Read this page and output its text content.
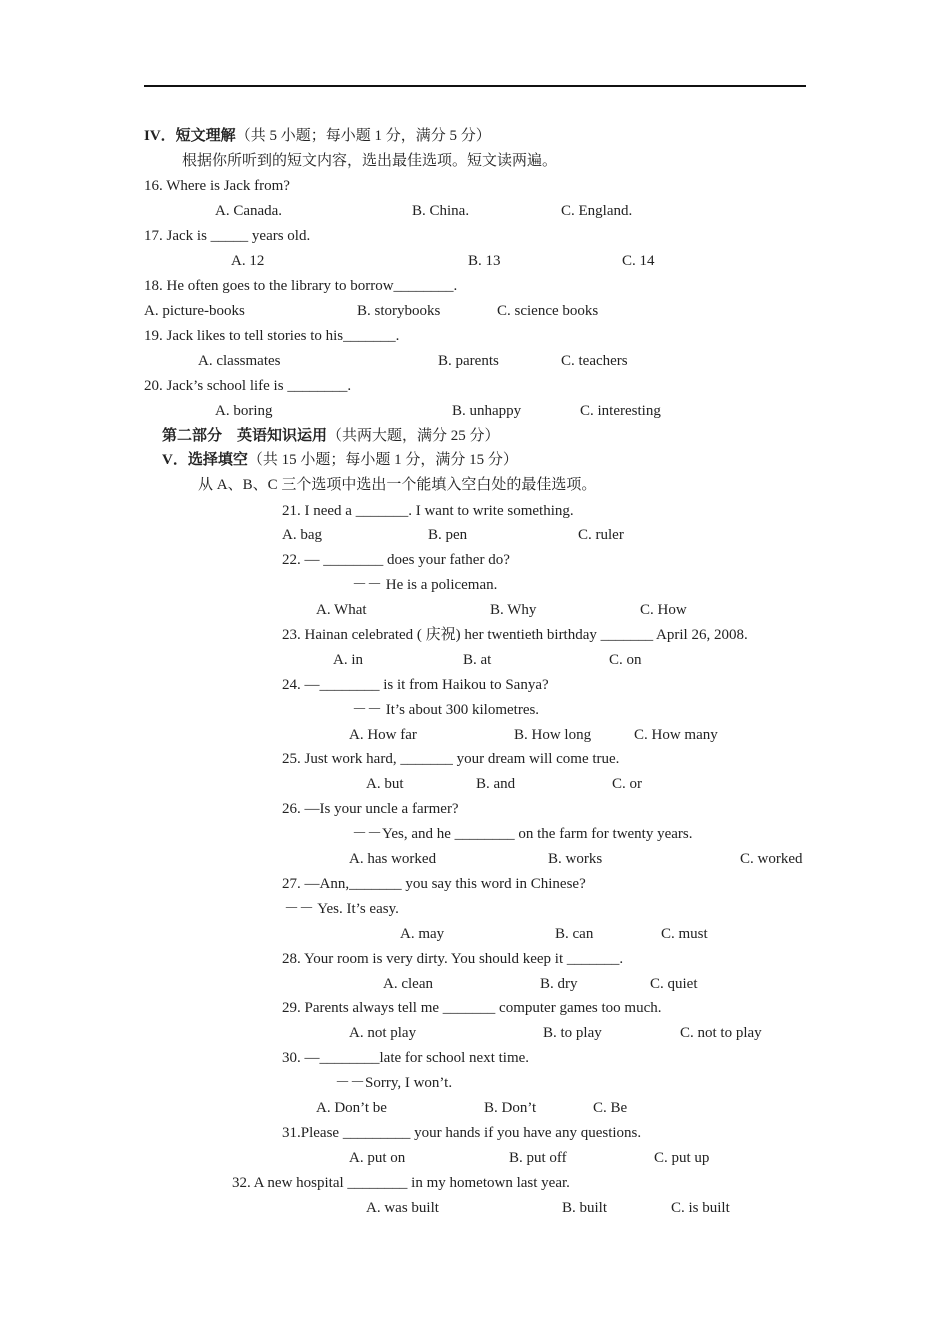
IV．短文理解（共 5 小题；每小题 1 分，满分 5 分）
根据你所听到的短文内容，选出最佳选项。短文读两遍。
16. Where is Jack from?
A. Canada.	B. China.	C. England.
17. Jack is _____ years old.
A. 12	B. 13	C. 14
18. He often goes to the library to borrow________.
A. picture-books	B. storybooks	C. science books
19. Jack likes to tell stories to his_______.
A. classmates	B. parents	C. teachers
20. Jack’s school life is ________.
A. boring	B. unhappy	C. interesting
第二部分　英语知识运用（共两大题，满分 25 分）
V．选择填空（共 15 小题；每小题 1 分，满分 15 分）
从 A、B、C 三个选项中选出一个能填入空白处的最佳选项。
21. I need a _______. I want to write something.
A. bag	B. pen	C. ruler
22. — ________ does your father do?
－－ He is a policeman.
A. What	B. Why	C. How
23. Hainan celebrated ( 庆祝) her twentieth birthday _______ April 26, 2008.
A. in	B. at	C. on
24. —________ is it from Haikou to Sanya?
－－ It’s about 300 kilometres.
A. How far	B. How long	C. How many
25. Just work hard, _______ your dream will come true.
A. but	B. and	C. or
26. —Is your uncle a farmer?
－－Yes, and he ________ on the farm for twenty years.
A. has worked	B. works	C. worked
27. —Ann,_______ you say this word in Chinese?
－－ Yes. It’s easy.
A. may	B. can	C. must
28. Your room is very dirty. You should keep it _______.
A. clean	B. dry	C. quiet
29. Parents always tell me _______ computer games too much.
A. not play	B. to play	C. not to play
30. —________late for school next time.
－－Sorry, I won’t.
A. Don’t be	B. Don’t	C. Be
31.Please _________ your hands if you have any questions.
A. put on	B. put off	C. put up
32. A new hospital ________ in my hometown last year.
A. was built	B. built	C. is built
